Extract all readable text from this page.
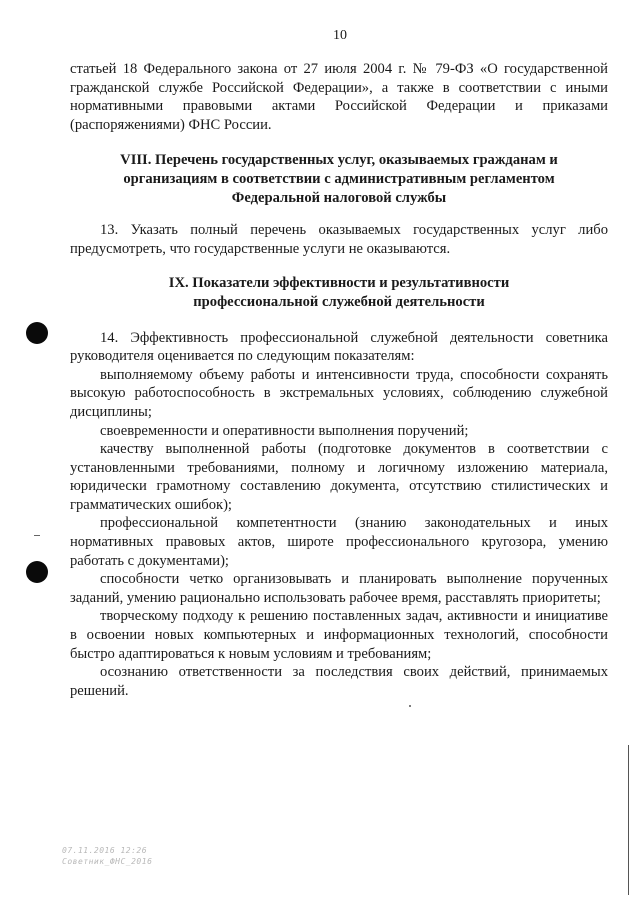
10

статьей 18 Федерального закона от 27 июля 2004 г. № 79-ФЗ «О государственной гражданской службе Российской Федерации», а также в соответствии с иными нормативными правовыми актами Российской Федерации и приказами (распоряжениями) ФНС России.

VIII. Перечень государственных услуг, оказываемых гражданам и

организациям в соответствии с административным регламентом

Федеральной налоговой службы

13. Указать полный перечень оказываемых государственных услуг либо предусмотреть, что государственные услуги не оказываются.

IX. Показатели эффективности и результативности

профессиональной служебной деятельности

14. Эффективность профессиональной служебной деятельности советника руководителя оценивается по следующим показателям:

выполняемому объему работы и интенсивности труда, способности сохранять высокую работоспособность в экстремальных условиях, соблюдению служебной дисциплины;

своевременности и оперативности выполнения поручений;

качеству выполненной работы (подготовке документов в соответствии с установленными требованиями, полному и логичному изложению материала, юридически грамотному составлению документа, отсутствию стилистических и грамматических ошибок);

профессиональной компетентности (знанию законодательных и иных нормативных правовых актов, широте профессионального кругозора, умению работать с документами);

способности четко организовывать и планировать выполнение порученных заданий, умению рационально использовать рабочее время, расставлять приоритеты;

творческому подходу к решению поставленных задач, активности и инициативе в освоении новых компьютерных и информационных технологий, способности быстро адаптироваться к новым условиям и требованиям;

осознанию ответственности за последствия своих действий, принимаемых решений.

07.11.2016 12:26
Советник_ФНС_2016
